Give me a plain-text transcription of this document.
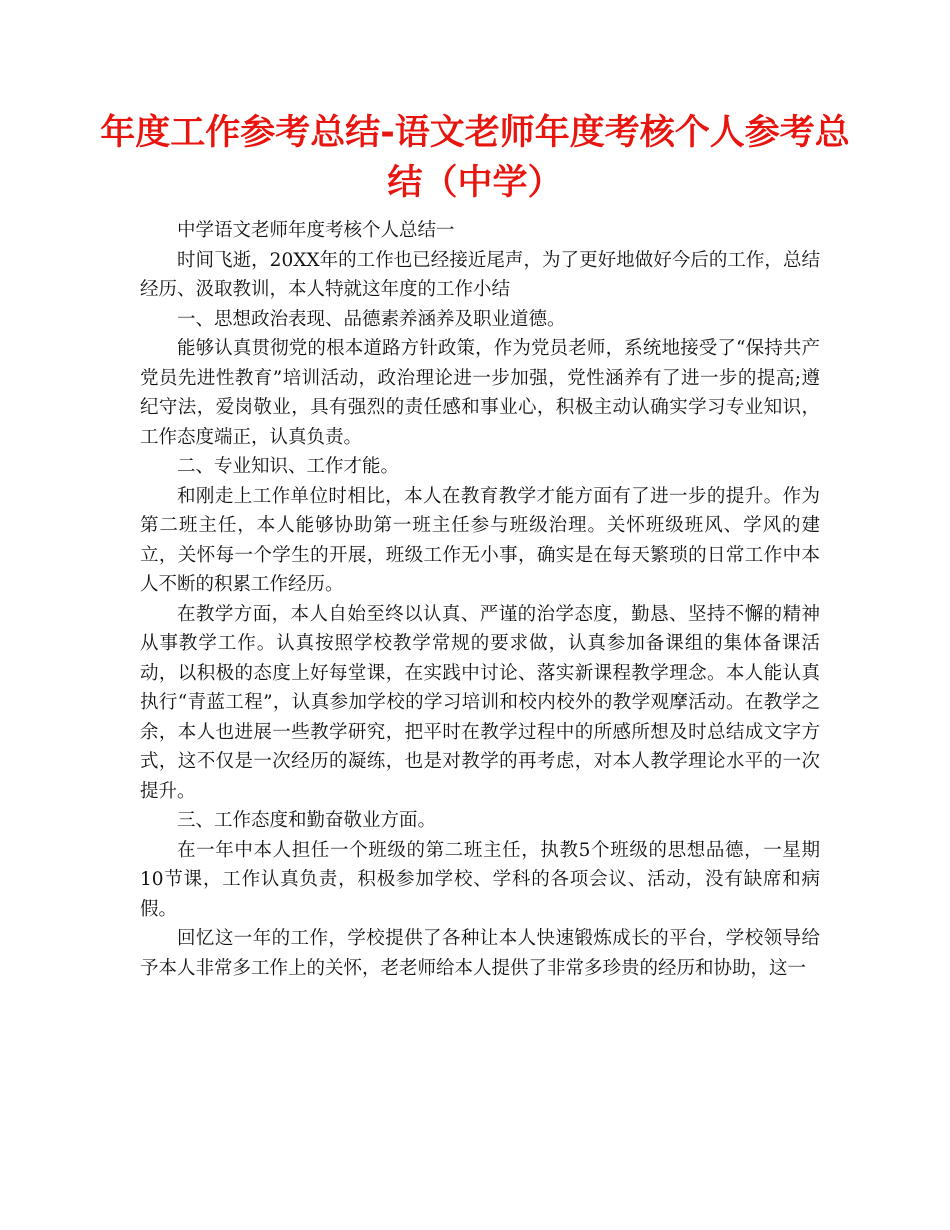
年度工作参考总结-语文老师年度考核个人参考总结（中学）

中学语文老师年度考核个人总结一

时间飞逝，20XX年的工作也已经接近尾声，为了更好地做好今后的工作，总结经历、汲取教训，本人特就这年度的工作小结

一、思想政治表现、品德素养涵养及职业道德。

能够认真贯彻党的根本道路方针政策，作为党员老师，系统地接受了“保持共产党员先进性教育”培训活动，政治理论进一步加强，党性涵养有了进一步的提高;遵纪守法，爱岗敬业，具有强烈的责任感和事业心，积极主动认确实学习专业知识，工作态度端正，认真负责。

二、专业知识、工作才能。

和刚走上工作单位时相比，本人在教育教学才能方面有了进一步的提升。作为第二班主任，本人能够协助第一班主任参与班级治理。关怀班级班风、学风的建立，关怀每一个学生的开展，班级工作无小事，确实是在每天繁琐的日常工作中本人不断的积累工作经历。

在教学方面，本人自始至终以认真、严谨的治学态度，勤恳、坚持不懈的精神从事教学工作。认真按照学校教学常规的要求做，认真参加备课组的集体备课活动，以积极的态度上好每堂课，在实践中讨论、落实新课程教学理念。本人能认真执行“青蓝工程”，认真参加学校的学习培训和校内校外的教学观摩活动。在教学之余，本人也进展一些教学研究，把平时在教学过程中的所感所想及时总结成文字方式，这不仅是一次经历的凝练，也是对教学的再考虑，对本人教学理论水平的一次提升。

三、工作态度和勤奋敬业方面。

在一年中本人担任一个班级的第二班主任，执教5个班级的思想品德，一星期10节课，工作认真负责，积极参加学校、学科的各项会议、活动，没有缺席和病假。

回忆这一年的工作，学校提供了各种让本人快速锻炼成长的平台，学校领导给予本人非常多工作上的关怀，老老师给本人提供了非常多珍贵的经历和协助，这一
